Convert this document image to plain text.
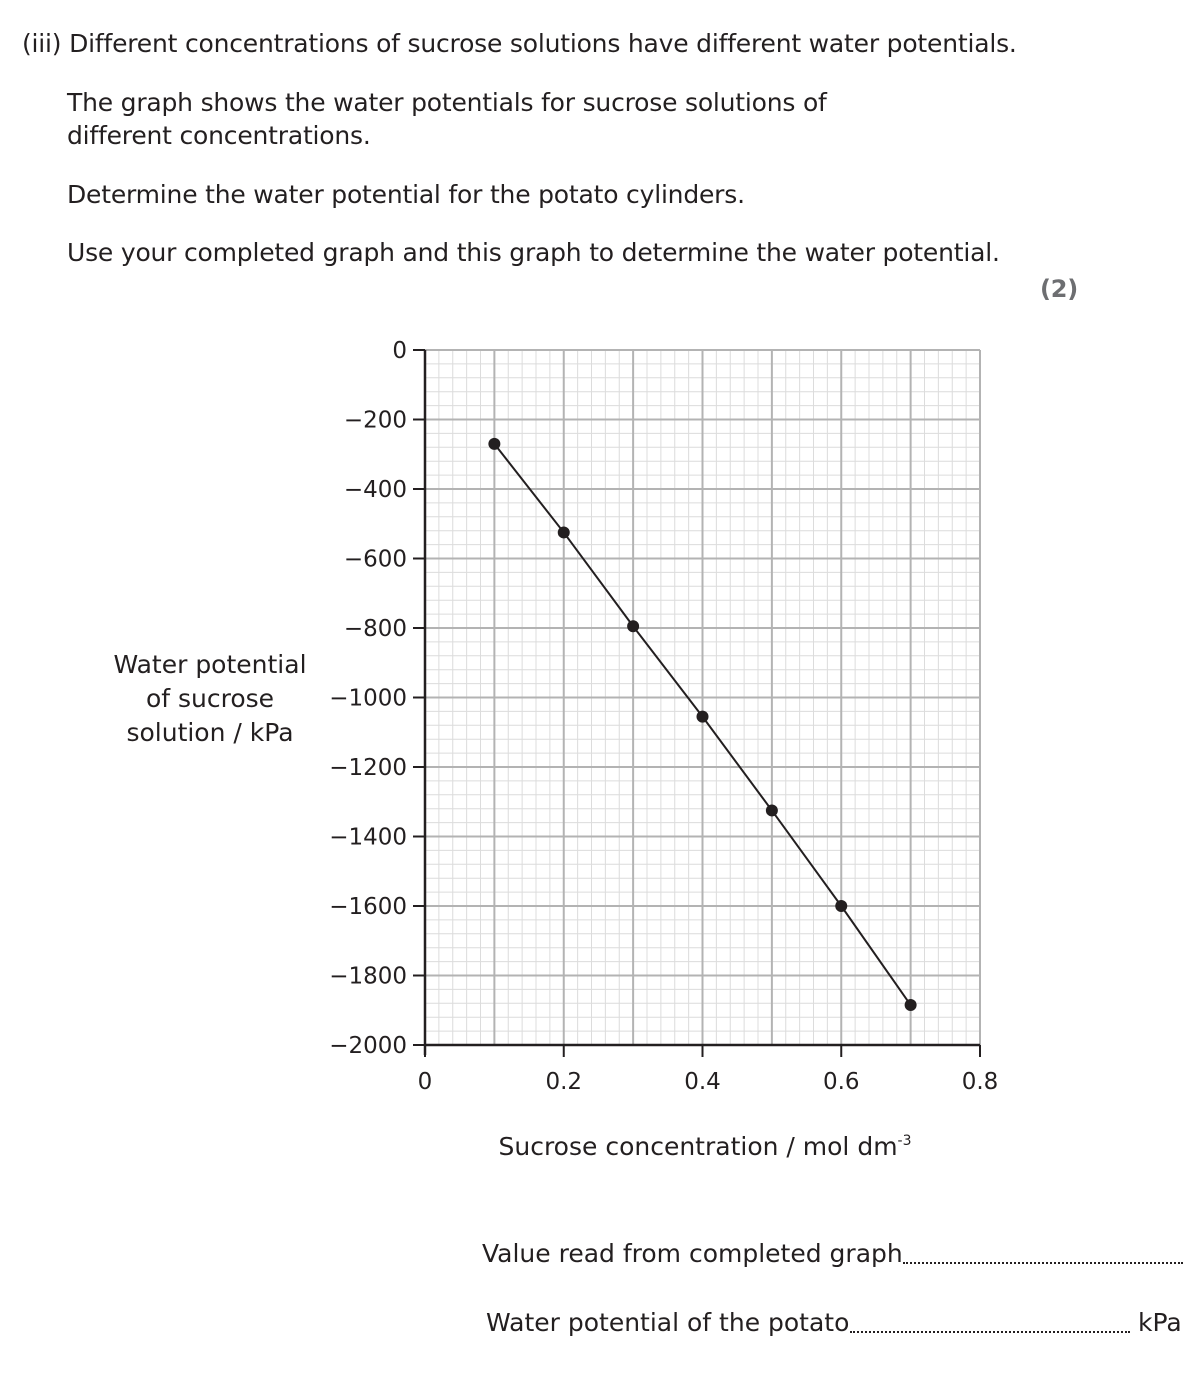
(iii) Different concentrations of sucrose solutions have different water potentials.
The graph shows the water potentials for sucrose solutions of
different concentrations.
Determine the water potential for the potato cylinders.
Use your completed graph and this graph to determine the water potential.
(2)
Water potential
of sucrose
solution / kPa
0	0.2	0.4	0.6	0.8
0
−200
−400
−600
−800
−1000
−1200
−1400
−1600
−1800
−2000
Sucrose concentration / mol $dm^{-3}$
Value read from completed graph
Water potential of the potato	kPa
